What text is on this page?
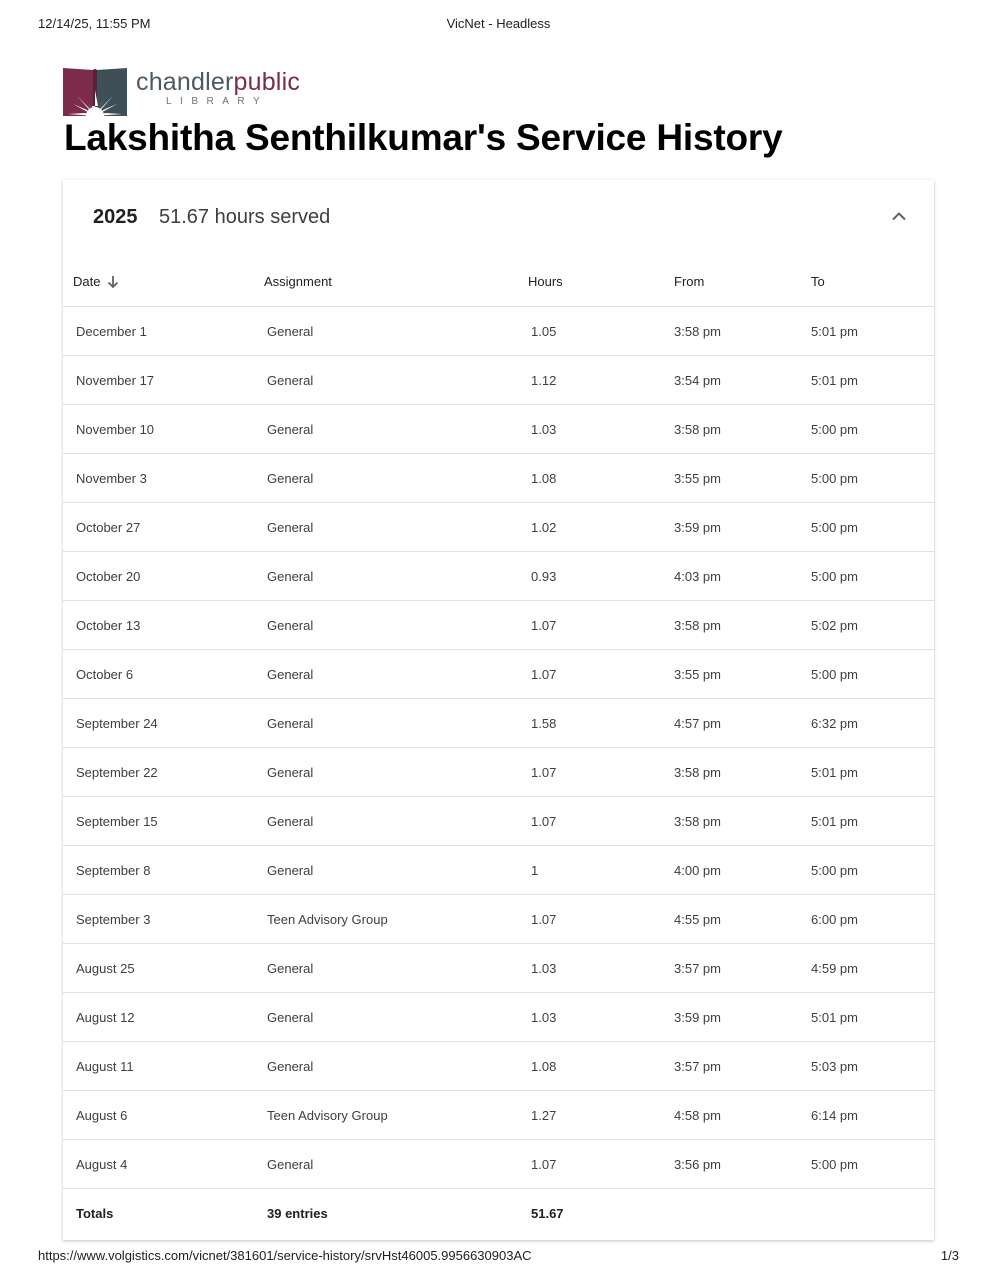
12/14/25, 11:55 PM	VicNet - Headless
chandlerpublic
LIBRARY
Lakshitha Senthilkumar's Service History
2025 51.67 hours served
Date	Assignment	Hours	From	To
December 1	General	1.05	3:58 pm	5:01 pm
November 17	General	1.12	3:54 pm	5:01 pm
November 10	General	1.03	3:58 pm	5:00 pm
November 3	General	1.08	3:55 pm	5:00 pm
October 27	General	1.02	3:59 pm	5:00 pm
October 20	General	0.93	4:03 pm	5:00 pm
October 13	General	1.07	3:58 pm	5:02 pm
October 6	General	1.07	3:55 pm	5:00 pm
September 24	General	1.58	4:57 pm	6:32 pm
September 22	General	1.07	3:58 pm	5:01 pm
September 15	General	1.07	3:58 pm	5:01 pm
September 8	General	1	4:00 pm	5:00 pm
September 3	Teen Advisory Group	1.07	4:55 pm	6:00 pm
August 25	General	1.03	3:57 pm	4:59 pm
August 12	General	1.03	3:59 pm	5:01 pm
August 11	General	1.08	3:57 pm	5:03 pm
August 6	Teen Advisory Group	1.27	4:58 pm	6:14 pm
August 4	General	1.07	3:56 pm	5:00 pm
Totals	39 entries	51.67		
https://www.volgistics.com/vicnet/381601/service-history/srvHst46005.9956630903AC	1/3
